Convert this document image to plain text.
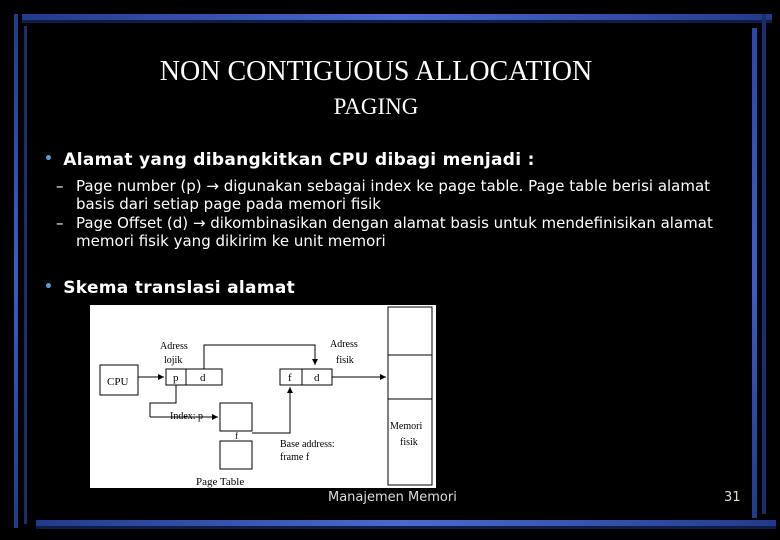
NON CONTIGUOUS ALLOCATION
PAGING
• Alamat yang dibangkitkan CPU dibagi menjadi :
– Page number (p) → digunakan sebagai index ke page table. Page table berisi alamat basis dari setiap page pada memori fisik
– Page Offset (d) → dikombinasikan dengan alamat basis untuk mendefinisikan alamat memori fisik yang dikirim ke unit memori
• Skema translasi alamat
CPU	p d
Adress
lojik
Index: p
f
Page Table
Base address:
frame f
f d
Adress
fisik
Memori
fisik
Manajemen Memori	31
